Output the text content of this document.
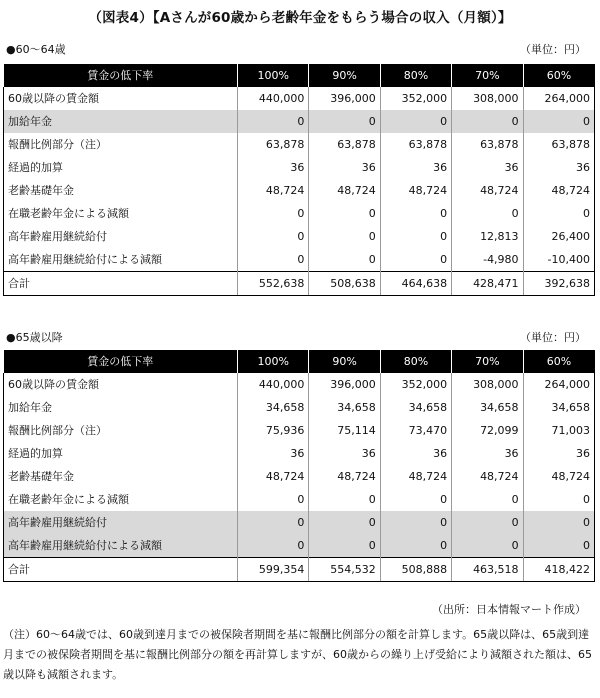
（図表4）【Aさんが60歳から老齢年金をもらう場合の収入（月額）】
●60～64歳	（単位：円）
賃金の低下率	100%	90%	80%	70%	60%
60歳以降の賃金額	440,000	396,000	352,000	308,000	264,000
加給年金	0	0	0	0	0
報酬比例部分（注）	63,878	63,878	63,878	63,878	63,878
経過的加算	36	36	36	36	36
老齢基礎年金	48,724	48,724	48,724	48,724	48,724
在職老齢年金による減額	0	0	0	0	0
高年齢雇用継続給付	0	0	0	12,813	26,400
高年齢雇用継続給付による減額	0	0	0	-4,980	-10,400
合計	552,638	508,638	464,638	428,471	392,638
●65歳以降	（単位：円）
賃金の低下率	100%	90%	80%	70%	60%
60歳以降の賃金額	440,000	396,000	352,000	308,000	264,000
加給年金	34,658	34,658	34,658	34,658	34,658
報酬比例部分（注）	75,936	75,114	73,470	72,099	71,003
経過的加算	36	36	36	36	36
老齢基礎年金	48,724	48,724	48,724	48,724	48,724
在職老齢年金による減額	0	0	0	0	0
高年齢雇用継続給付	0	0	0	0	0
高年齢雇用継続給付による減額	0	0	0	0	0
合計	599,354	554,532	508,888	463,518	418,422
（出所：日本情報マート作成）
（注）60～64歳では、60歳到達月までの被保険者期間を基に報酬比例部分の額を計算します。65歳以降は、65歳到達月までの被保険者期間を基に報酬比例部分の額を再計算しますが、60歳からの繰り上げ受給により減額された額は、65歳以降も減額されます。
